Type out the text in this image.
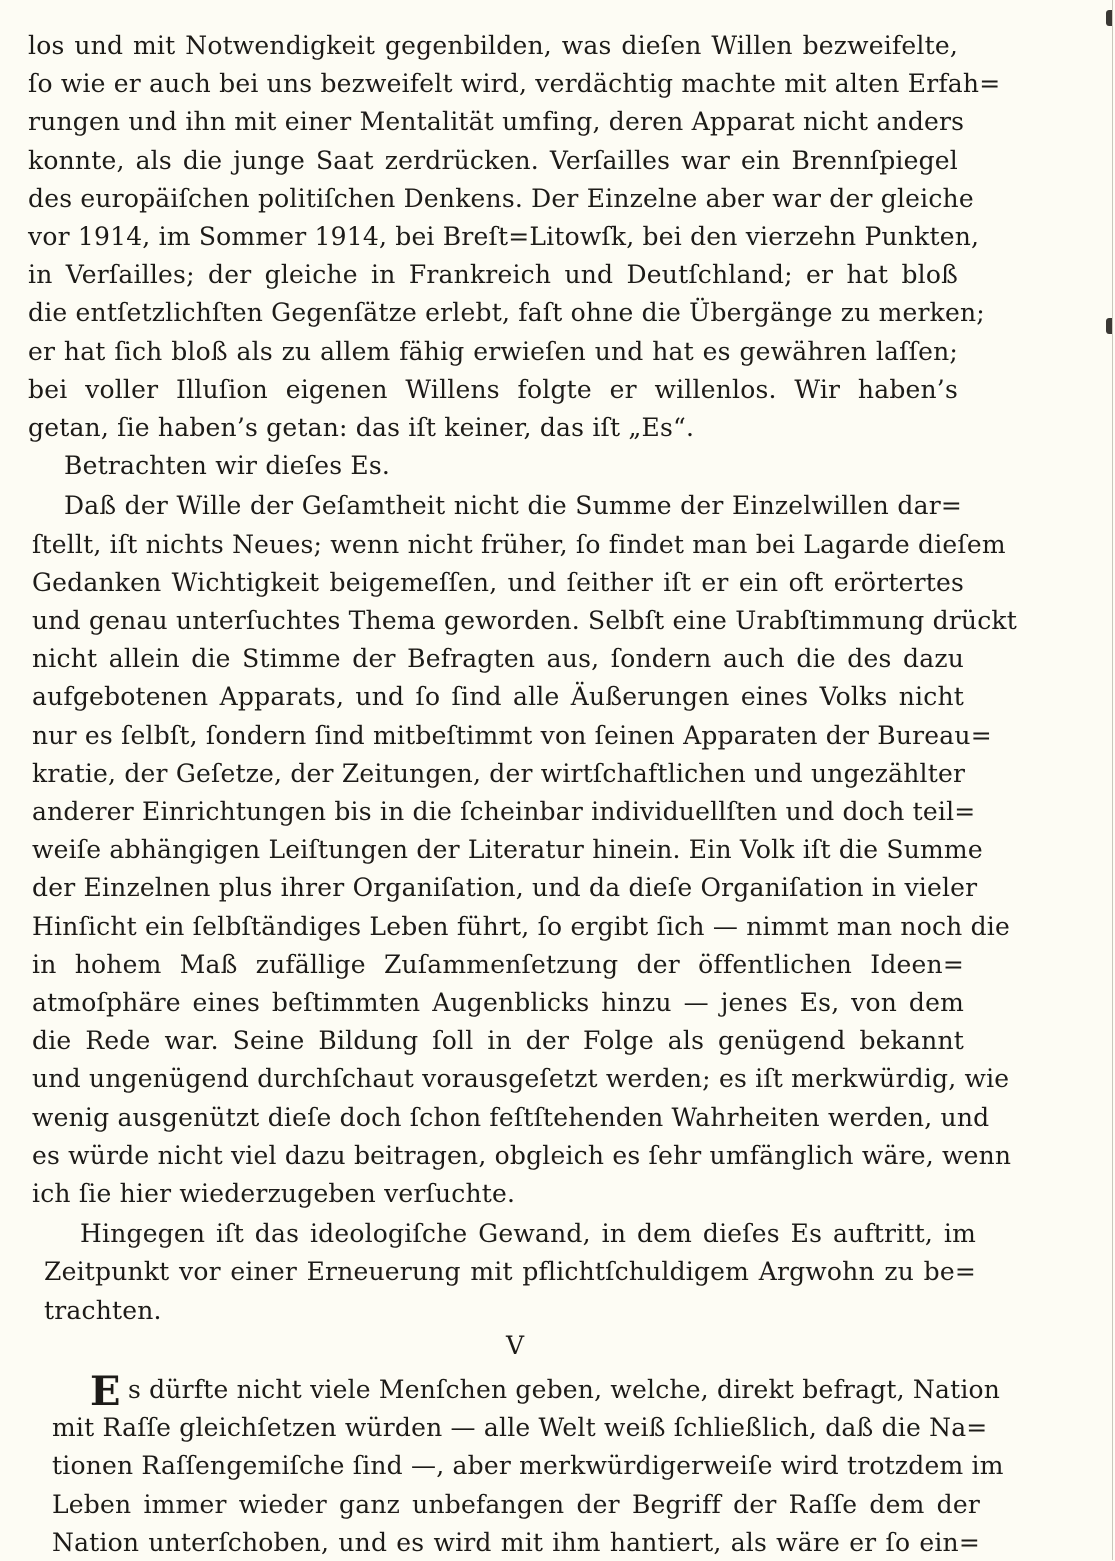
los und mit Notwendigkeit gegenbilden, was dieſen Willen bezweifelte,
ſo wie er auch bei uns bezweifelt wird, verdächtig machte mit alten Erfah=
rungen und ihn mit einer Mentalität umfing, deren Apparat nicht anders
konnte, als die junge Saat zerdrücken. Verſailles war ein Brennſpiegel
des europäiſchen politiſchen Denkens. Der Einzelne aber war der gleiche
vor 1914, im Sommer 1914, bei Breſt=Litowſk, bei den vierzehn Punkten,
in Verſailles; der gleiche in Frankreich und Deutſchland; er hat bloß
die entſetzlichſten Gegenſätze erlebt, faſt ohne die Übergänge zu merken;
er hat ſich bloß als zu allem fähig erwieſen und hat es gewähren laſſen;
bei voller Illuſion eigenen Willens folgte er willenlos. Wir haben’s
getan, ſie haben’s getan: das iſt keiner, das iſt „Es“.
Betrachten wir dieſes Es.
Daß der Wille der Geſamtheit nicht die Summe der Einzelwillen dar=
ſtellt, iſt nichts Neues; wenn nicht früher, ſo findet man bei Lagarde dieſem
Gedanken Wichtigkeit beigemeſſen, und ſeither iſt er ein oft erörtertes
und genau unterſuchtes Thema geworden. Selbſt eine Urabſtimmung drückt
nicht allein die Stimme der Befragten aus, ſondern auch die des dazu
aufgebotenen Apparats, und ſo ſind alle Äußerungen eines Volks nicht
nur es ſelbſt, ſondern ſind mitbeſtimmt von ſeinen Apparaten der Bureau=
kratie, der Geſetze, der Zeitungen, der wirtſchaftlichen und ungezählter
anderer Einrichtungen bis in die ſcheinbar individuellſten und doch teil=
weiſe abhängigen Leiſtungen der Literatur hinein. Ein Volk iſt die Summe
der Einzelnen plus ihrer Organiſation, und da dieſe Organiſation in vieler
Hinſicht ein ſelbſtändiges Leben führt, ſo ergibt ſich — nimmt man noch die
in hohem Maß zufällige Zuſammenſetzung der öffentlichen Ideen=
atmoſphäre eines beſtimmten Augenblicks hinzu — jenes Es, von dem
die Rede war. Seine Bildung ſoll in der Folge als genügend bekannt
und ungenügend durchſchaut vorausgeſetzt werden; es iſt merkwürdig, wie
wenig ausgenützt dieſe doch ſchon feſtſtehenden Wahrheiten werden, und
es würde nicht viel dazu beitragen, obgleich es ſehr umfänglich wäre, wenn
ich ſie hier wiederzugeben verſuchte.
Hingegen iſt das ideologiſche Gewand, in dem dieſes Es auftritt, im
Zeitpunkt vor einer Erneuerung mit pflichtſchuldigem Argwohn zu be=
trachten.
s dürfte nicht viele Menſchen geben, welche, direkt befragt, Nation
mit Raſſe gleichſetzen würden — alle Welt weiß ſchließlich, daß die Na=
tionen Raſſengemiſche ſind —, aber merkwürdigerweiſe wird trotzdem im
Leben immer wieder ganz unbefangen der Begriff der Raſſe dem der
Nation unterſchoben, und es wird mit ihm hantiert, als wäre er ſo ein=
E
V
